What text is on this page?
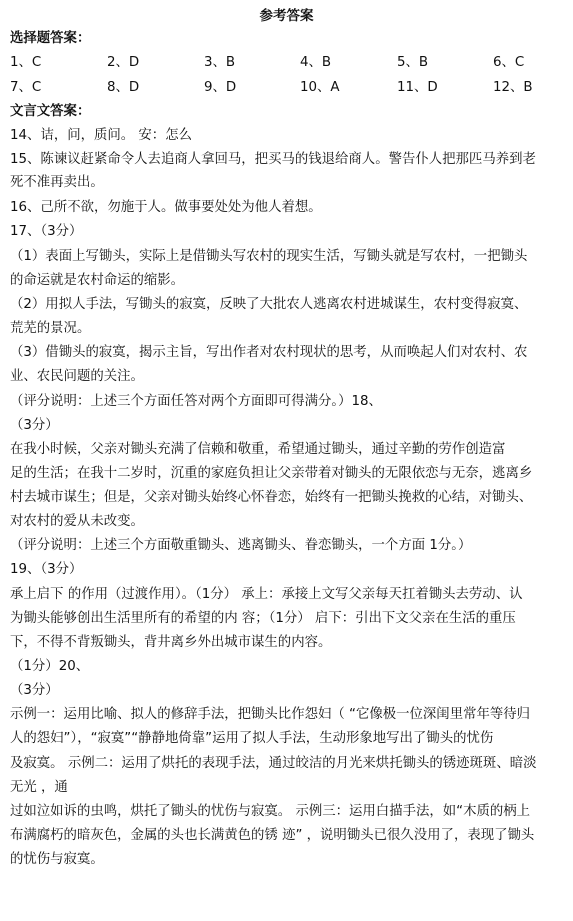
参考答案
选择题答案：
1、C	2、D	3、B	4、B	5、B	6、C
7、C	8、D	9、D	10、A	11、D	12、B
文言文答案：
14、诘，问，质问。 安：怎么
15、陈谏议赶紧命令人去追商人拿回马，把买马的钱退给商人。警告仆人把那匹马养到老
死不准再卖出。
16、己所不欲，勿施于人。做事要处处为他人着想。
17、（3分）
（1）表面上写锄头，实际上是借锄头写农村的现实生活，写锄头就是写农村，一把锄头
的命运就是农村命运的缩影。
（2）用拟人手法，写锄头的寂寞，反映了大批农人逃离农村进城谋生，农村变得寂寞、
荒芜的景况。
（3）借锄头的寂寞，揭示主旨，写出作者对农村现状的思考，从而唤起人们对农村、农
业、农民问题的关注。
（评分说明：上述三个方面任答对两个方面即可得满分。）18、
（3分）
在我小时候，父亲对锄头充满了信赖和敬重，希望通过锄头，通过辛勤的劳作创造富
足的生活；在我十二岁时，沉重的家庭负担让父亲带着对锄头的无限依恋与无奈，逃离乡
村去城市谋生；但是，父亲对锄头始终心怀眷恋，始终有一把锄头挽救的心结，对锄头、
对农村的爱从未改变。
（评分说明：上述三个方面敬重锄头、逃离锄头、眷恋锄头，一个方面 1分。）
19、（3分）
承上启下 的作用（过渡作用）。（1分） 承上：承接上文写父亲每天扛着锄头去劳动、认
为锄头能够创出生活里所有的希望的内 容；（1分） 启下：引出下文父亲在生活的重压
下，不得不背叛锄头，背井离乡外出城市谋生的内容。
（1分）20、
（3分）
示例一：运用比喻、拟人的修辞手法，把锄头比作怨妇（ “它像极一位深闺里常年等待归
人的怨妇”），“寂寞”“静静地倚靠”运用了拟人手法，生动形象地写出了锄头的忧伤
及寂寞。 示例二：运用了烘托的表现手法，通过皎洁的月光来烘托锄头的锈迹斑斑、暗淡
无光 ，通
过如泣如诉的虫鸣，烘托了锄头的忧伤与寂寞。 示例三：运用白描手法，如“木质的柄上
布满腐朽的暗灰色，金属的头也长满黄色的锈 迹” ，说明锄头已很久没用了，表现了锄头
的忧伤与寂寞。
